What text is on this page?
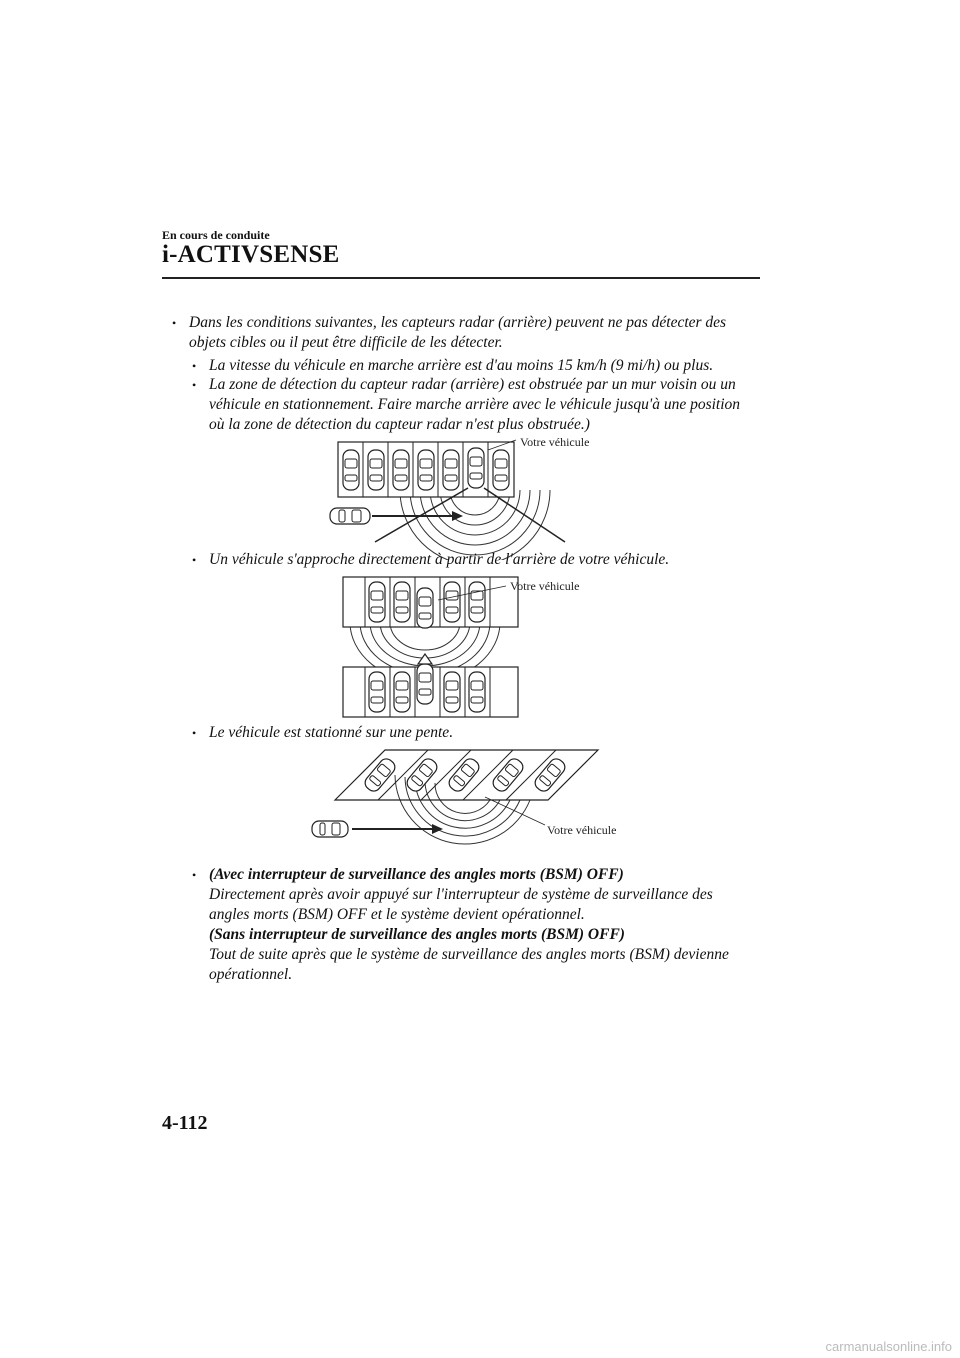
En cours de conduite
i-ACTIVSENSE
• Dans les conditions suivantes, les capteurs radar (arrière) peuvent ne pas détecter des
objets cibles ou il peut être difficile de les détecter.
• La vitesse du véhicule en marche arrière est d'au moins 15 km/h (9 mi/h) ou plus.
• La zone de détection du capteur radar (arrière) est obstruée par un mur voisin ou un
véhicule en stationnement. Faire marche arrière avec le véhicule jusqu'à une position
où la zone de détection du capteur radar n'est plus obstruée.)
Votre véhicule
• Un véhicule s'approche directement à partir de l'arrière de votre véhicule.
Votre véhicule
• Le véhicule est stationné sur une pente.
Votre véhicule
• (Avec interrupteur de surveillance des angles morts (BSM) OFF)
Directement après avoir appuyé sur l'interrupteur de système de surveillance des
angles morts (BSM) OFF et le système devient opérationnel.
(Sans interrupteur de surveillance des angles morts (BSM) OFF)
Tout de suite après que le système de surveillance des angles morts (BSM) devienne
opérationnel.
4-112
carmanualsonline.info
